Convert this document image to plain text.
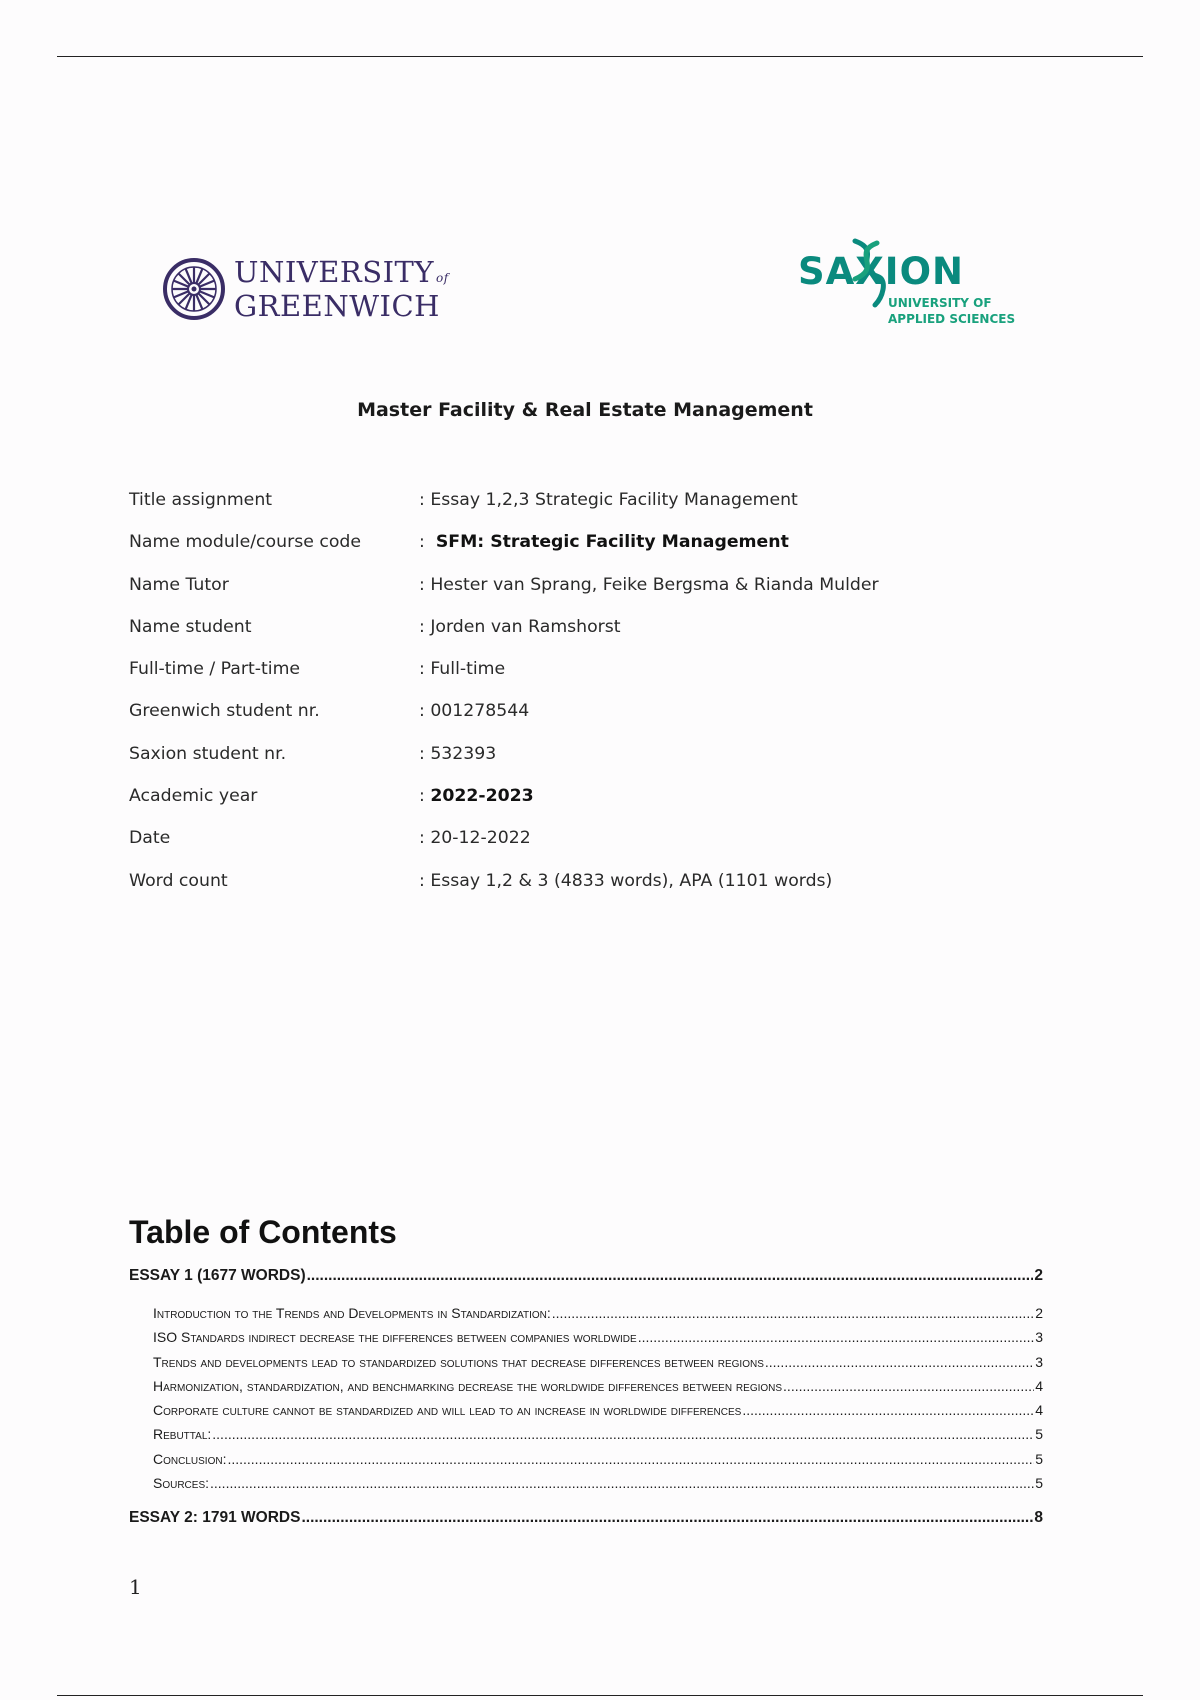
UNIVERSITY of
GREENWICH
SAXION
UNIVERSITY OF
APPLIED SCIENCES
Master Facility & Real Estate Management
Title assignment	: Essay 1,2,3 Strategic Facility Management
Name module/course code	:  SFM: Strategic Facility Management
Name Tutor	: Hester van Sprang, Feike Bergsma & Rianda Mulder
Name student	: Jorden van Ramshorst
Full-time / Part-time	: Full-time
Greenwich student nr.	: 001278544
Saxion student nr.	: 532393
Academic year	: 2022-2023
Date	: 20-12-2022
Word count	: Essay 1,2 & 3 (4833 words), APA (1101 words)
Table of Contents
ESSAY 1 (1677 WORDS) .....	2
Introduction to the Trends and Developments in Standardization: .....	2
ISO Standards indirect decrease the differences between companies worldwide .....	3
Trends and developments lead to standardized solutions that decrease differences between regions .....	3
Harmonization, standardization, and benchmarking decrease the worldwide differences between regions .....	4
Corporate culture cannot be standardized and will lead to an increase in worldwide differences .....	4
Rebuttal: .....	5
Conclusion: .....	5
Sources: .....	5
ESSAY 2: 1791 WORDS .....	8
1
